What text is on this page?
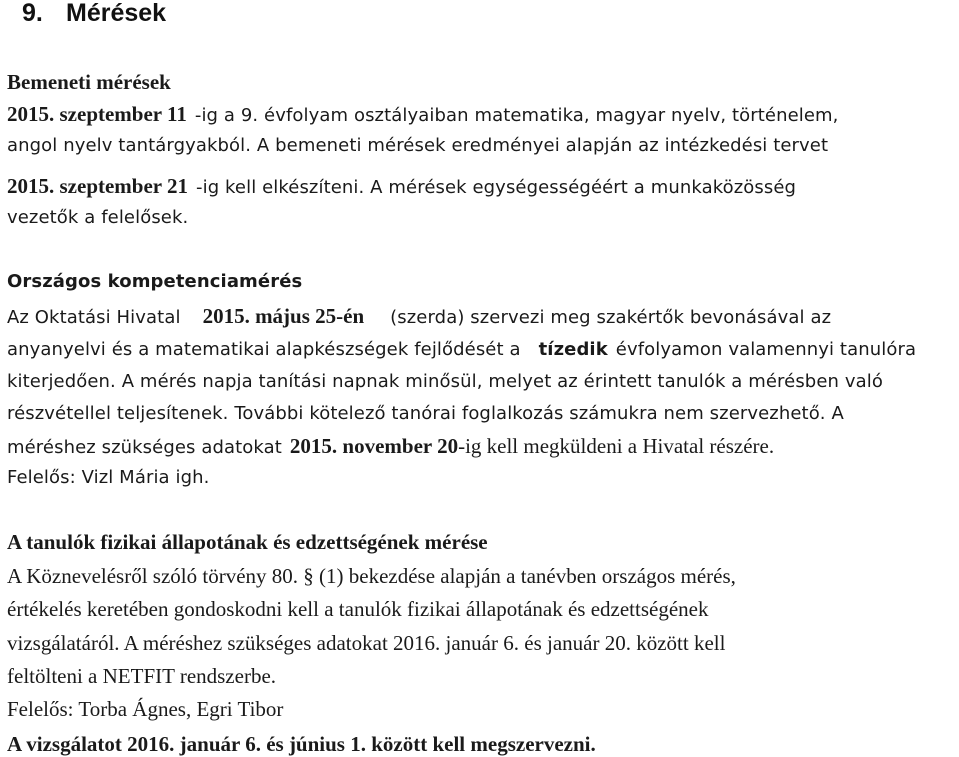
9. Mérések
Bemeneti mérések
2015. szeptember 11 -ig a 9. évfolyam osztályaiban matematika, magyar nyelv, történelem,
angol nyelv tantárgyakból. A bemeneti mérések eredményei alapján az intézkedési tervet
2015. szeptember 21 -ig kell elkészíteni. A mérések egységességéért a munkaközösség
vezetők a felelősek.
Országos kompetenciamérés
Az Oktatási Hivatal 2015. május 25-én (szerda) szervezi meg szakértők bevonásával az
anyanyelvi és a matematikai alapkészségek fejlődését a tízedik évfolyamon valamennyi tanulóra
kiterjedően. A mérés napja tanítási napnak minősül, melyet az érintett tanulók a mérésben való
részvétellel teljesítenek. További kötelező tanórai foglalkozás számukra nem szervezhető. A
méréshez szükséges adatokat 2015. november 20-ig kell megküldeni a Hivatal részére.
Felelős: Vizl Mária igh.
A tanulók fizikai állapotának és edzettségének mérése
A Köznevelésről szóló törvény 80. § (1) bekezdése alapján a tanévben országos mérés,
értékelés keretében gondoskodni kell a tanulók fizikai állapotának és edzettségének
vizsgálatáról. A méréshez szükséges adatokat 2016. január 6. és január 20. között kell
feltölteni a NETFIT rendszerbe.
Felelős: Torba Ágnes, Egri Tibor
A vizsgálatot 2016. január 6. és június 1. között kell megszervezni.
